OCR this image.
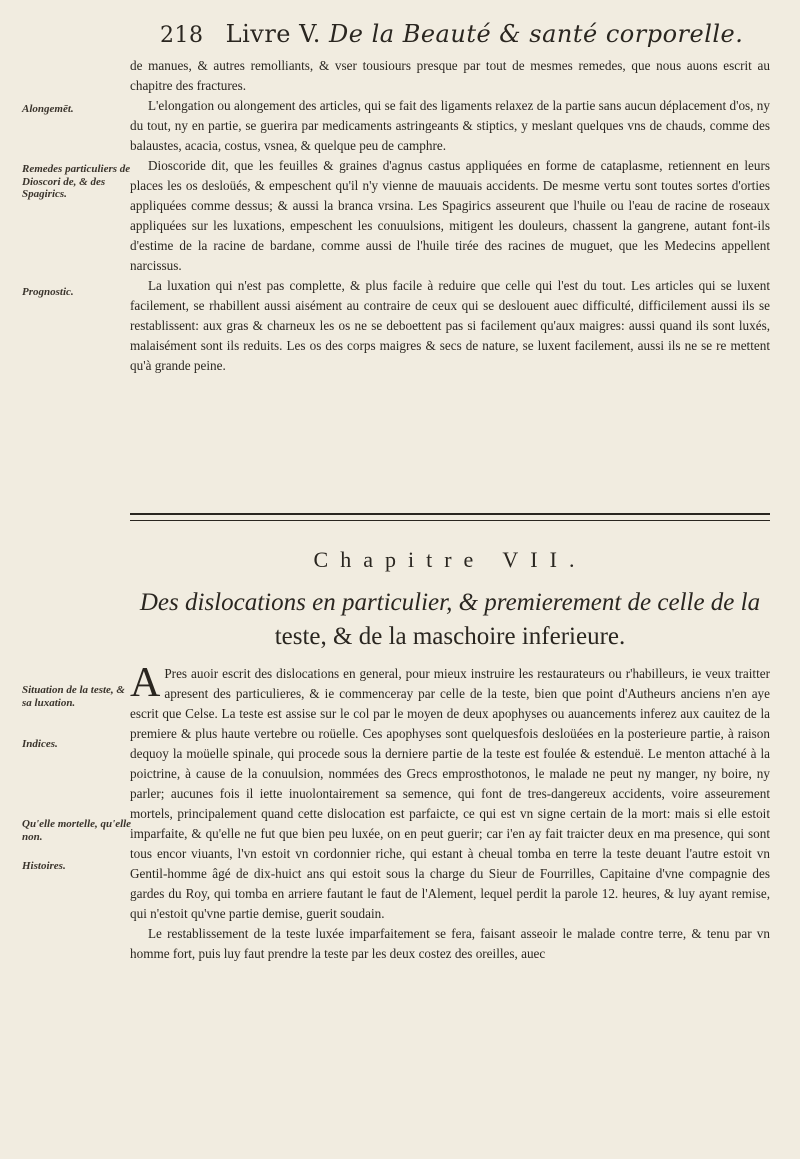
218 Livre V. De la Beauté & santé corporelle.
Alongemēt.
Remedes particuliers de Dioscori de, & des Spagirics.
Prognostic.
Situation de la teste, & sa luxation.
Indices.
Qu'elle mortelle, qu'elle non.
Histoires.

de manues, & autres remolliants, & vser tousiours presque par tout de mesmes remedes, que nous auons escrit au chapitre des fractures.

L'elongation ou alongement des articles, qui se fait des ligaments relaxez de la partie sans aucun déplacement d'os, ny du tout, ny en partie, se guerira par medicaments astringeants & stiptics, y meslant quelques vns de chauds, comme des balaustes, acacia, costus, vsnea, & quelque peu de camphre.

Dioscoride dit, que les feuilles & graines d'agnus castus appliquées en forme de cataplasme, retiennent en leurs places les os desloüés, & empeschent qu'il n'y vienne de mauuais accidents. De mesme vertu sont toutes sortes d'orties appliquées comme dessus; & aussi la branca vrsina. Les Spagirics asseurent que l'huile ou l'eau de racine de roseaux appliquées sur les luxations, empeschent les conuulsions, mitigent les douleurs, chassent la gangrene, autant font-ils d'estime de la racine de bardane, comme aussi de l'huile tirée des racines de muguet, que les Medecins appellent narcissus.

La luxation qui n'est pas complette, & plus facile à reduire que celle qui l'est du tout. Les articles qui se luxent facilement, se rhabillent aussi aisément au contraire de ceux qui se deslouent auec difficulté, difficilement aussi ils se restablissent: aux gras & charneux les os ne se deboettent pas si facilement qu'aux maigres: aussi quand ils sont luxés, malaisément sont ils reduits. Les os des corps maigres & secs de nature, se luxent facilement, aussi ils ne se re mettent qu'à grande peine.

Chapitre VII.
Des dislocations en particulier, & premierement de celle de la
teste, & de la maschoire inferieure.

A Pres auoir escrit des dislocations en general, pour mieux instruire les restaurateurs ou r'habilleurs, ie veux traitter apresent des particulieres, & ie commenceray par celle de la teste, bien que point d'Autheurs anciens n'en aye escrit que Celse. La teste est assise sur le col par le moyen de deux apophyses ou auancements inferez aux cauitez de la premiere & plus haute vertebre ou roüelle. Ces apophyses sont quelquesfois desloüées en la posterieure partie, à raison dequoy la moüelle spinale, qui procede sous la derniere partie de la teste est foulée & estenduë. Le menton attaché à la poictrine, à cause de la conuulsion, nommées des Grecs emprosthotonos, le malade ne peut ny manger, ny boire, ny parler; aucunes fois il iette inuolontairement sa semence, qui font de tres-dangereux accidents, voire asseurement mortels, principalement quand cette dislocation est parfaicte, ce qui est vn signe certain de la mort: mais si elle estoit imparfaite, & qu'elle ne fut que bien peu luxée, on en peut guerir; car i'en ay fait traicter deux en ma presence, qui sont tous encor viuants, l'vn estoit vn cordonnier riche, qui estant à cheual tomba en terre la teste deuant l'autre estoit vn Gentil-homme âgé de dix-huict ans qui estoit sous la charge du Sieur de Fourrilles, Capitaine d'vne compagnie des gardes du Roy, qui tomba en arriere fautant le faut de l'Alement, lequel perdit la parole 12. heures, & luy ayant remise, qui n'estoit qu'vne partie demise, guerit soudain.

Le restablissement de la teste luxée imparfaitement se fera, faisant asseoir le malade contre terre, & tenu par vn homme fort, puis luy faut prendre la teste par les deux costez des oreilles, auec
